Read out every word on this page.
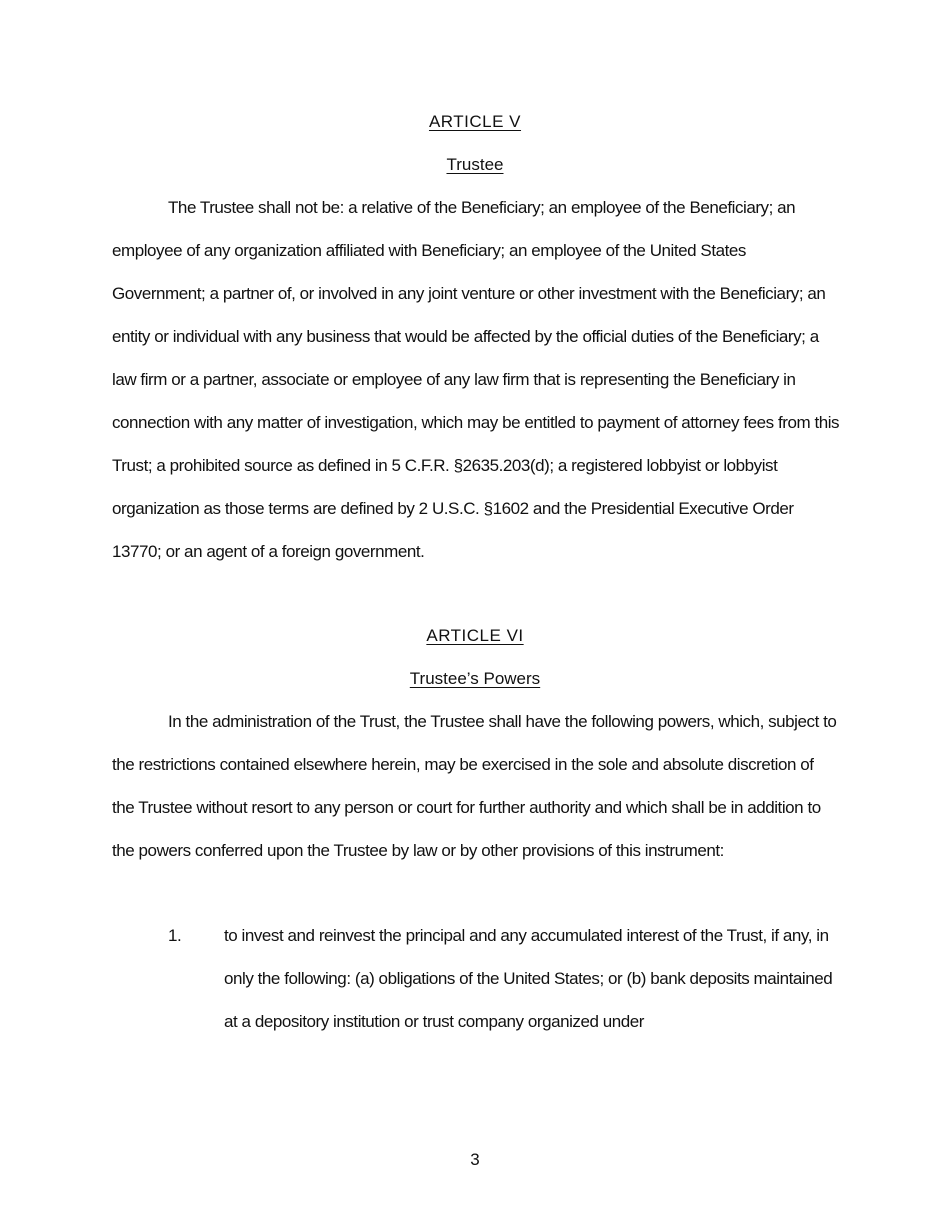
ARTICLE V
Trustee
The Trustee shall not be: a relative of the Beneficiary; an employee of the Beneficiary; an employee of any organization affiliated with Beneficiary; an employee of the United States Government; a partner of, or involved in any joint venture or other investment with the Beneficiary; an entity or individual with any business that would be affected by the official duties of the Beneficiary; a law firm or a partner, associate or employee of any law firm that is representing the Beneficiary in connection with any matter of investigation, which may be entitled to payment of attorney fees from this Trust; a prohibited source as defined in 5 C.F.R. §2635.203(d); a registered lobbyist or lobbyist organization as those terms are defined by 2 U.S.C. §1602 and the Presidential Executive Order 13770; or an agent of a foreign government.
ARTICLE VI
Trustee’s Powers
In the administration of the Trust, the Trustee shall have the following powers, which, subject to the restrictions contained elsewhere herein, may be exercised in the sole and absolute discretion of the Trustee without resort to any person or court for further authority and which shall be in addition to the powers conferred upon the Trustee by law or by other provisions of this instrument:
1.	to invest and reinvest the principal and any accumulated interest of the Trust, if any, in only the following: (a) obligations of the United States; or (b) bank deposits maintained at a depository institution or trust company organized under
3
